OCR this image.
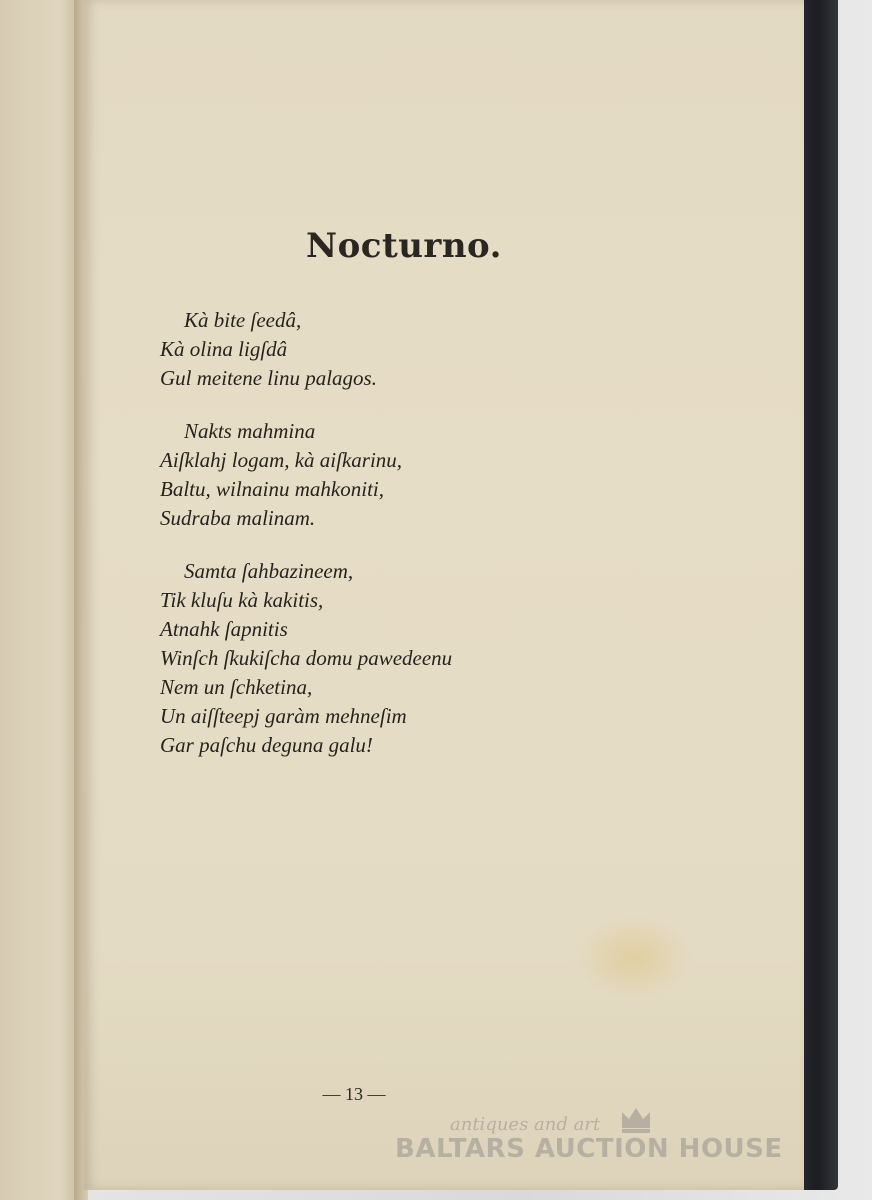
Nocturno.
Kà bite ſeedâ,
Kà olina ligſdâ
Gul meitene linu palagos.
Nakts mahmina
Aiſklahj logam, kà aiſkarinu,
Baltu, wilnainu mahkoniti,
Sudraba malinam.
Samta ſahbazineem,
Tik kluſu kà kakitis,
Atnahk ſapnitis
Winſch ſkukiſcha domu pawedeenu
Nem un ſchketina,
Un aiſſteepj garàm mehneſim
Gar paſchu deguna galu!
— 13 —
antiques and art
BALTARS AUCTION HOUSE
